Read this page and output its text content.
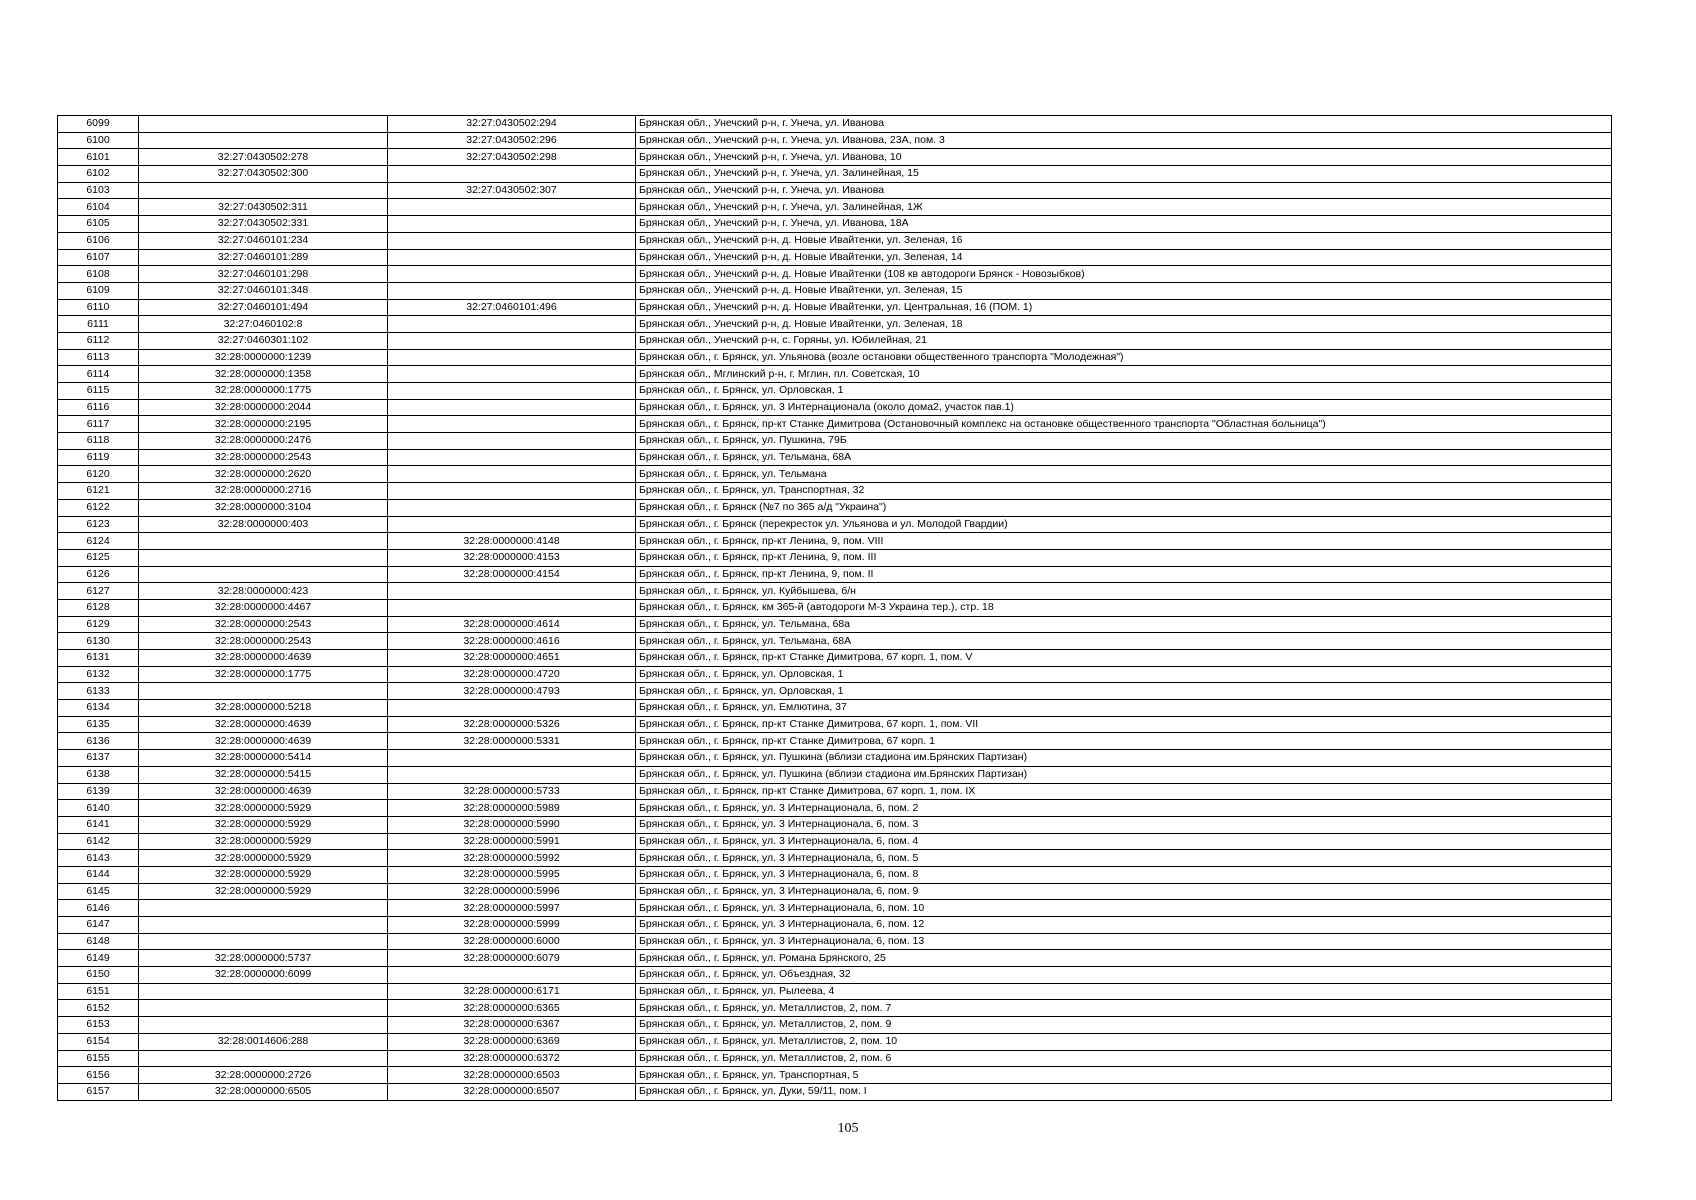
6099		32:27:0430502:294	Брянская обл., Унечский р-н, г. Унеча, ул. Иванова
6100		32:27:0430502:296	Брянская обл., Унечский р-н, г. Унеча, ул. Иванова, 23А, пом. 3
6101	32:27:0430502:278	32:27:0430502:298	Брянская обл., Унечский р-н, г. Унеча, ул. Иванова, 10
6102	32:27:0430502:300		Брянская обл., Унечский р-н, г. Унеча, ул. Залинейная, 15
6103		32:27:0430502:307	Брянская обл., Унечский р-н, г. Унеча, ул. Иванова
6104	32:27:0430502:311		Брянская обл., Унечский р-н, г. Унеча, ул. Залинейная, 1Ж
6105	32:27:0430502:331		Брянская обл., Унечский р-н, г. Унеча, ул. Иванова, 18А
6106	32:27:0460101:234		Брянская обл., Унечский р-н, д. Новые Ивайтенки, ул. Зеленая, 16
6107	32:27:0460101:289		Брянская обл., Унечский р-н, д. Новые Ивайтенки, ул. Зеленая, 14
6108	32:27:0460101:298		Брянская обл., Унечский р-н, д. Новые Ивайтенки (108 кв автодороги Брянск - Новозыбков)
6109	32:27:0460101:348		Брянская обл., Унечский р-н, д. Новые Ивайтенки, ул. Зеленая, 15
6110	32:27:0460101:494	32:27:0460101:496	Брянская обл., Унечский р-н, д. Новые Ивайтенки, ул. Центральная, 16 (ПОМ. 1)
6111	32:27:0460102:8		Брянская обл., Унечский р-н, д. Новые Ивайтенки, ул. Зеленая, 18
6112	32:27:0460301:102		Брянская обл., Унечский р-н, с. Горяны, ул. Юбилейная, 21
6113	32:28:0000000:1239		Брянская обл., г. Брянск, ул. Ульянова (возле остановки общественного транспорта "Молодежная")
6114	32:28:0000000:1358		Брянская обл., Мглинский р-н, г. Мглин, пл. Советская, 10
6115	32:28:0000000:1775		Брянская обл., г. Брянск, ул. Орловская, 1
6116	32:28:0000000:2044		Брянская обл., г. Брянск, ул. 3 Интернационала (около дома2, участок пав.1)
6117	32:28:0000000:2195		Брянская обл., г. Брянск, пр-кт Станке Димитрова (Остановочный комплекс на остановке общественного транспорта "Областная больница")
6118	32:28:0000000:2476		Брянская обл., г. Брянск, ул. Пушкина, 79Б
6119	32:28:0000000:2543		Брянская обл., г. Брянск, ул. Тельмана, 68А
6120	32:28:0000000:2620		Брянская обл., г. Брянск, ул. Тельмана
6121	32:28:0000000:2716		Брянская обл., г. Брянск, ул. Транспортная, 32
6122	32:28:0000000:3104		Брянская обл., г. Брянск (№7 по 365 а/д "Украина")
6123	32:28:0000000:403		Брянская обл., г. Брянск (перекресток ул. Ульянова и ул. Молодой Гвардии)
6124		32:28:0000000:4148	Брянская обл., г. Брянск, пр-кт Ленина, 9, пом. VIII
6125		32:28:0000000:4153	Брянская обл., г. Брянск, пр-кт Ленина, 9, пом. III
6126		32:28:0000000:4154	Брянская обл., г. Брянск, пр-кт Ленина, 9, пом. II
6127	32:28:0000000:423		Брянская обл., г. Брянск, ул. Куйбышева, б/н
6128	32:28:0000000:4467		Брянская обл., г. Брянск, км 365-й (автодороги М-3 Украина тер.), стр. 18
6129	32:28:0000000:2543	32:28:0000000:4614	Брянская обл., г. Брянск, ул. Тельмана, 68а
6130	32:28:0000000:2543	32:28:0000000:4616	Брянская обл., г. Брянск, ул. Тельмана, 68А
6131	32:28:0000000:4639	32:28:0000000:4651	Брянская обл., г. Брянск, пр-кт Станке Димитрова, 67 корп. 1, пом. V
6132	32:28:0000000:1775	32:28:0000000:4720	Брянская обл., г. Брянск, ул. Орловская, 1
6133		32:28:0000000:4793	Брянская обл., г. Брянск, ул. Орловская, 1
6134	32:28:0000000:5218		Брянская обл., г. Брянск, ул. Емлютина, 37
6135	32:28:0000000:4639	32:28:0000000:5326	Брянская обл., г. Брянск, пр-кт Станке Димитрова, 67 корп. 1, пом. VII
6136	32:28:0000000:4639	32:28:0000000:5331	Брянская обл., г. Брянск, пр-кт Станке Димитрова, 67 корп. 1
6137	32:28:0000000:5414		Брянская обл., г. Брянск, ул. Пушкина (вблизи стадиона им.Брянских Партизан)
6138	32:28:0000000:5415		Брянская обл., г. Брянск, ул. Пушкина (вблизи стадиона им.Брянских Партизан)
6139	32:28:0000000:4639	32:28:0000000:5733	Брянская обл., г. Брянск, пр-кт Станке Димитрова, 67 корп. 1, пом. IX
6140	32:28:0000000:5929	32:28:0000000:5989	Брянская обл., г. Брянск, ул. 3 Интернационала, 6, пом. 2
6141	32:28:0000000:5929	32:28:0000000:5990	Брянская обл., г. Брянск, ул. 3 Интернационала, 6, пом. 3
6142	32:28:0000000:5929	32:28:0000000:5991	Брянская обл., г. Брянск, ул. 3 Интернационала, 6, пом. 4
6143	32:28:0000000:5929	32:28:0000000:5992	Брянская обл., г. Брянск, ул. 3 Интернационала, 6, пом. 5
6144	32:28:0000000:5929	32:28:0000000:5995	Брянская обл., г. Брянск, ул. 3 Интернационала, 6, пом. 8
6145	32:28:0000000:5929	32:28:0000000:5996	Брянская обл., г. Брянск, ул. 3 Интернационала, 6, пом. 9
6146		32:28:0000000:5997	Брянская обл., г. Брянск, ул. 3 Интернационала, 6, пом. 10
6147		32:28:0000000:5999	Брянская обл., г. Брянск, ул. 3 Интернационала, 6, пом. 12
6148		32:28:0000000:6000	Брянская обл., г. Брянск, ул. 3 Интернационала, 6, пом. 13
6149	32:28:0000000:5737	32:28:0000000:6079	Брянская обл., г. Брянск, ул. Романа Брянского, 25
6150	32:28:0000000:6099		Брянская обл., г. Брянск, ул. Объездная, 32
6151		32:28:0000000:6171	Брянская обл., г. Брянск, ул. Рылеева, 4
6152		32:28:0000000:6365	Брянская обл., г. Брянск, ул. Металлистов, 2, пом. 7
6153		32:28:0000000:6367	Брянская обл., г. Брянск, ул. Металлистов, 2, пом. 9
6154	32:28:0014606:288	32:28:0000000:6369	Брянская обл., г. Брянск, ул. Металлистов, 2, пом. 10
6155		32:28:0000000:6372	Брянская обл., г. Брянск, ул. Металлистов, 2, пом. 6
6156	32:28:0000000:2726	32:28:0000000:6503	Брянская обл., г. Брянск, ул. Транспортная, 5
6157	32:28:0000000:6505	32:28:0000000:6507	Брянская обл., г. Брянск, ул. Дуки, 59/11, пом. I
105
